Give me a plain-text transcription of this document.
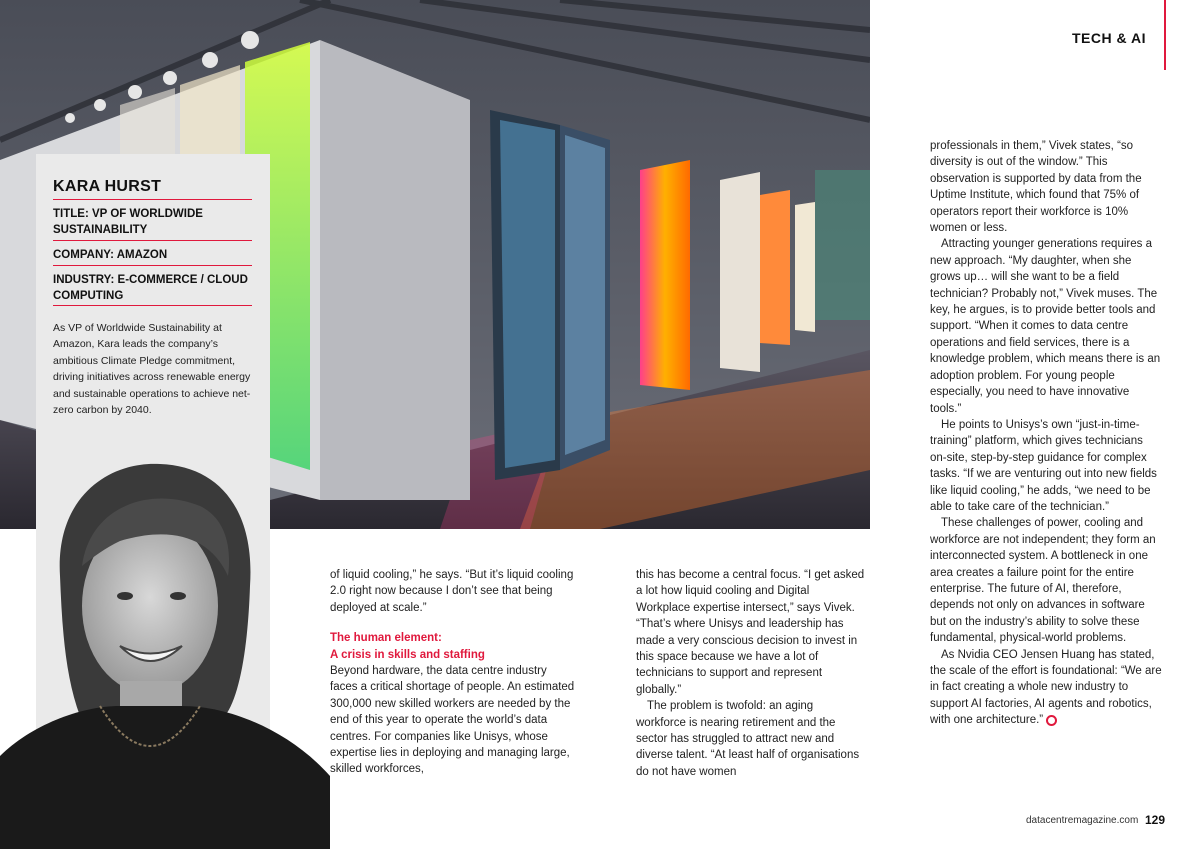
TECH & AI
KARA HURST
TITLE: VP OF WORLDWIDE SUSTAINABILITY
COMPANY: AMAZON
INDUSTRY: E-COMMERCE / CLOUD COMPUTING
As VP of Worldwide Sustainability at Amazon, Kara leads the company’s ambitious Climate Pledge commitment, driving initiatives across renewable energy and sustainable operations to achieve net-zero carbon by 2040.

of liquid cooling,” he says. “But it’s liquid cooling 2.0 right now because I don’t see that being deployed at scale.”

The human element:
A crisis in skills and staffing

Beyond hardware, the data centre industry faces a critical shortage of people. An estimated 300,000 new skilled workers are needed by the end of this year to operate the world’s data centres. For companies like Unisys, whose expertise lies in deploying and managing large, skilled workforces,

this has become a central focus. “I get asked a lot how liquid cooling and Digital Workplace expertise intersect,” says Vivek. “That’s where Unisys and leadership has made a very conscious decision to invest in this space because we have a lot of technicians to support and represent globally.”

The problem is twofold: an aging workforce is nearing retirement and the sector has struggled to attract new and diverse talent. “At least half of organisations do not have women

professionals in them,” Vivek states, “so diversity is out of the window.” This observation is supported by data from the Uptime Institute, which found that 75% of operators report their workforce is 10% women or less.

Attracting younger generations requires a new approach. “My daughter, when she grows up… will she want to be a field technician? Probably not,” Vivek muses. The key, he argues, is to provide better tools and support. “When it comes to data centre operations and field services, there is a knowledge problem, which means there is an adoption problem. For young people especially, you need to have innovative tools.”

He points to Unisys’s own “just-in-time-training” platform, which gives technicians on-site, step-by-step guidance for complex tasks. “If we are venturing out into new fields like liquid cooling,” he adds, “we need to be able to take care of the technician.”

These challenges of power, cooling and workforce are not independent; they form an interconnected system. A bottleneck in one area creates a failure point for the entire enterprise. The future of AI, therefore, depends not only on advances in software but on the industry’s ability to solve these fundamental, physical-world problems.

As Nvidia CEO Jensen Huang has stated, the scale of the effort is foundational: “We are in fact creating a whole new industry to support AI factories, AI agents and robotics, with one architecture.”

datacentremagazine.com 129
